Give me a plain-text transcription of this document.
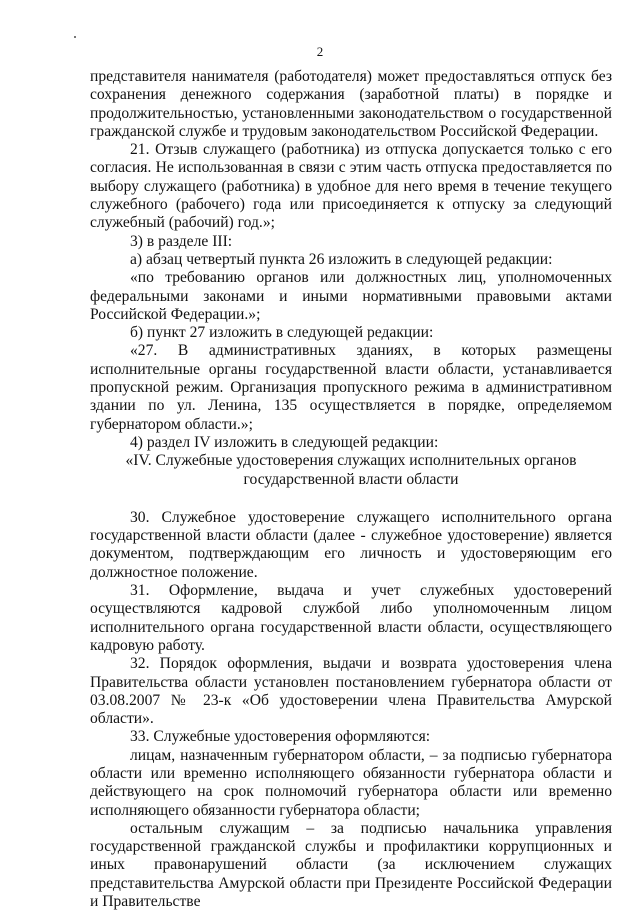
2

представителя нанимателя (работодателя) может предоставляться отпуск без сохранения денежного содержания (заработной платы) в порядке и продолжительностью, установленными законодательством о государственной гражданской службе и трудовым законодательством Российской Федерации.

21. Отзыв служащего (работника) из отпуска допускается только с его согласия. Не использованная в связи с этим часть отпуска предоставляется по выбору служащего (работника) в удобное для него время в течение текущего служебного (рабочего) года или присоединяется к отпуску за следующий служебный (рабочий) год.»;

3) в разделе III:

а) абзац четвертый пункта 26 изложить в следующей редакции:

«по требованию органов или должностных лиц, уполномоченных федеральными законами и иными нормативными правовыми актами Российской Федерации.»;

б) пункт 27 изложить в следующей редакции:

«27. В административных зданиях, в которых размещены исполнительные органы государственной власти области, устанавливается пропускной режим. Организация пропускного режима в административном здании по ул. Ленина, 135 осуществляется в порядке, определяемом губернатором области.»;

4) раздел IV изложить в следующей редакции:

«IV. Служебные удостоверения служащих исполнительных органов государственной власти области

30. Служебное удостоверение служащего исполнительного органа государственной власти области (далее - служебное удостоверение) является документом, подтверждающим его личность и удостоверяющим его должностное положение.

31. Оформление, выдача и учет служебных удостоверений осуществляются кадровой службой либо уполномоченным лицом исполнительного органа государственной власти области, осуществляющего кадровую работу.

32. Порядок оформления, выдачи и возврата удостоверения члена Правительства области установлен постановлением губернатора области от 03.08.2007 № 23-к «Об удостоверении члена Правительства Амурской области».

33. Служебные удостоверения оформляются:

лицам, назначенным губернатором области, – за подписью губернатора области или временно исполняющего обязанности губернатора области и действующего на срок полномочий губернатора области или временно исполняющего обязанности губернатора области;

остальным служащим – за подписью начальника управления государственной гражданской службы и профилактики коррупционных и иных правонарушений области (за исключением служащих представительства Амурской области при Президенте Российской Федерации и Правительстве
